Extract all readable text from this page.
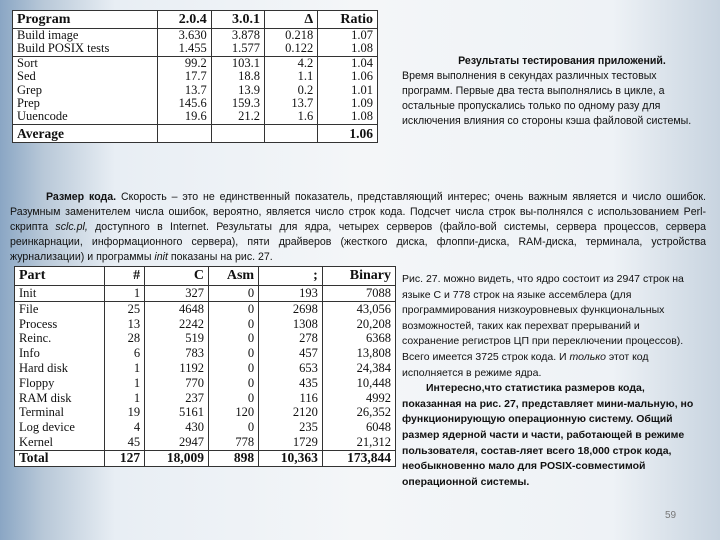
Program	2.0.4	3.0.1	Δ	Ratio
Build image	3.630	3.878	0.218	1.07
Build POSIX tests	1.455	1.577	0.122	1.08
Sort	99.2	103.1	4.2	1.04
Sed	17.7	18.8	1.1	1.06
Grep	13.7	13.9	0.2	1.01
Prep	145.6	159.3	13.7	1.09
Uuencode	19.6	21.2	1.6	1.08
Average				1.06
Результаты тестирования приложений.
Время выполнения в секундах различных тестовых программ. Первые два теста выполнялись в цикле, а остальные пропускались только по одному разу для исключения влияния со стороны кэша файловой системы.
Размер кода. Скорость – это не единственный показатель, представляющий интерес; очень важным является и число ошибок. Разумным заменителем числа ошибок, вероятно, является число строк кода. Подсчет числа строк вы-полнялся с использованием Perl-скрипта sclc.pl, доступного в Internet. Результаты для ядра, четырех серверов (файло-вой системы, сервера процессов, сервера реинкарнации, информационного сервера), пяти драйверов (жесткого диска, флоппи-диска, RAM-диска, терминала, устройства журнализации) и программы init показаны на рис. 27.
Part	#	C	Asm	;	Binary
Init	1	327	0	193	7088
File	25	4648	0	2698	43,056
Process	13	2242	0	1308	20,208
Reinc.	28	519	0	278	6368
Info	6	783	0	457	13,808
Hard disk	1	1192	0	653	24,384
Floppy	1	770	0	435	10,448
RAM disk	1	237	0	116	4992
Terminal	19	5161	120	2120	26,352
Log device	4	430	0	235	6048
Kernel	45	2947	778	1729	21,312
Total	127	18,009	898	10,363	173,844
Рис. 27. можно видеть, что ядро состоит из 2947 строк на языке С и 778 строк на языке ассемблера (для программирования низкоуровневых функциональных возможностей, таких как перехват прерываний и сохранение регистров ЦП при переключении процессов). Всего имеется 3725 строк кода. И только этот код исполняется в режиме ядра.
Интересно,что статистика размеров кода, показанная на рис. 27, представляет мини-мальную, но функционирующую операционную систему. Общий размер ядерной части и части, работающей в режиме пользователя, состав-ляет всего 18,000 строк кода, необыкновенно мало для POSIX-совместимой операционной системы.
59
